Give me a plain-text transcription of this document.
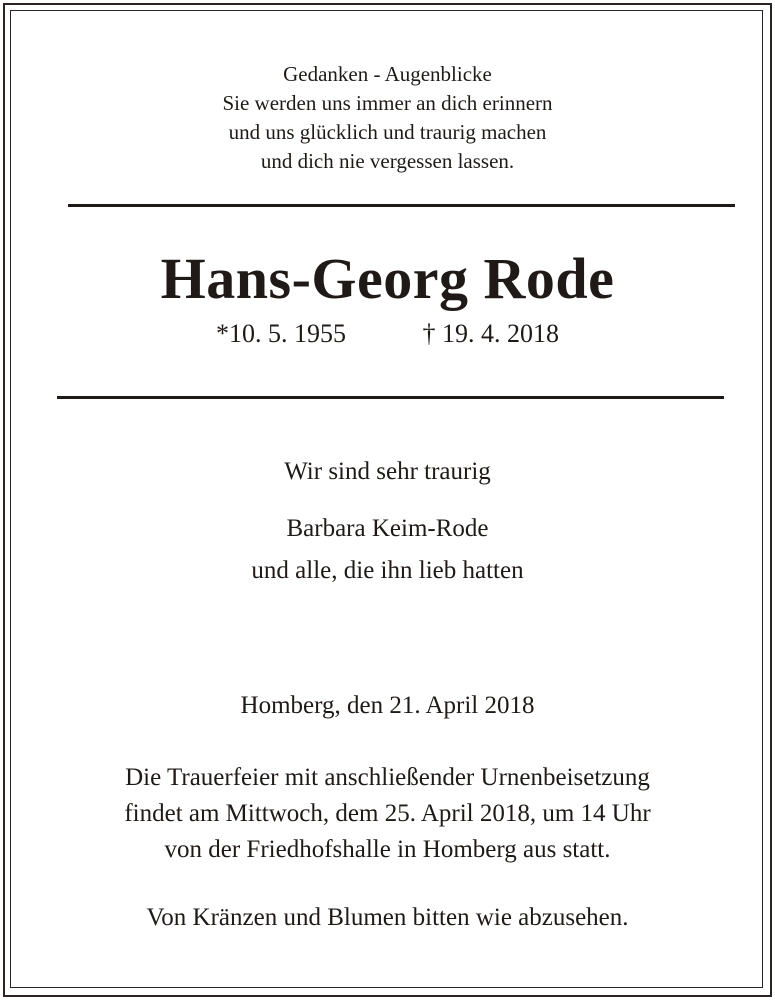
Gedanken - Augenblicke
Sie werden uns immer an dich erinnern
und uns glücklich und traurig machen
und dich nie vergessen lassen.
Hans-Georg Rode
*10. 5. 1955	† 19. 4. 2018
Wir sind sehr traurig
Barbara Keim-Rode
und alle, die ihn lieb hatten
Homberg, den 21. April 2018
Die Trauerfeier mit anschließender Urnenbeisetzung
findet am Mittwoch, dem 25. April 2018, um 14 Uhr
von der Friedhofshalle in Homberg aus statt.
Von Kränzen und Blumen bitten wie abzusehen.
